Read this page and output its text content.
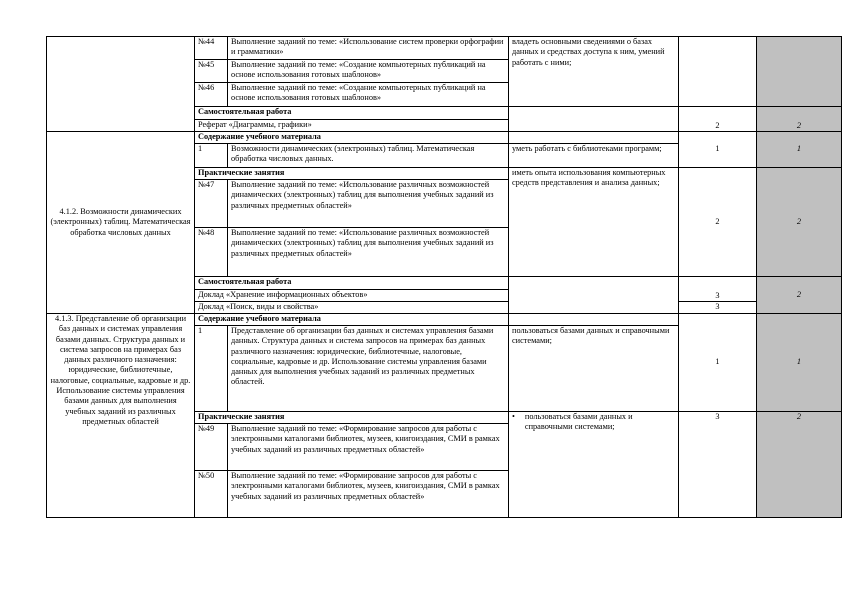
	№44	Выполнение заданий по теме: «Использование систем проверки орфографии и грамматики»	владеть основными сведениями о базах данных и средствах доступа к ним, умений работать с ними;		
	№45	Выполнение заданий по теме: «Создание компьютерных публикаций на основе использования готовых шаблонов»			
	№46	Выполнение заданий по теме: «Создание компьютерных публикаций на основе использования готовых шаблонов»			
	Самостоятельная работа			2	2
	Реферат «Диаграммы, графики»				
4.1.2. Возможности динамических (электронных) таблиц. Математическая обработка числовых данных	Содержание учебного материала			1	1
	1	Возможности динамических (электронных) таблиц. Математическая обработка числовых данных.	уметь работать с библиотеками программ;		
	Практические занятия		иметь опыта использования компьютерных средств представления и анализа данных;	2	2
	№47	Выполнение заданий по теме: «Использование различных возможностей динамических (электронных) таблиц для выполнения учебных заданий из различных предметных областей»			
	№48	Выполнение заданий по теме: «Использование различных возможностей динамических (электронных) таблиц для выполнения учебных заданий из различных предметных областей»			
	Самостоятельная работа			3	2
	Доклад «Хранение информационных объектов»				
	Доклад «Поиск, виды и свойства»			3	

4.1.3. Представление об организации баз данных и системах управления базами данных. Структура данных и система запросов на примерах баз данных различного назначения: юридические, библиотечные, налоговые, социальные, кадровые и др. Использование системы управления базами данных для выполнения учебных заданий из различных предметных областей	Содержание учебного материала			1	1
	1	Представление об организации баз данных и системах управления базами данных. Структура данных и система запросов на примерах баз данных различного назначения: юридические, библиотечные, налоговые, социальные, кадровые и др. Использование системы управления базами данных для выполнения учебных заданий из различных предметных областей.	пользоваться базами данных и справочными системами;		
	Практические занятия		• пользоваться базами данных и справочными системами;	3	2
	№49	Выполнение заданий по теме: «Формирование запросов для работы с электронными каталогами библиотек, музеев, книгоиздания, СМИ в рамках учебных заданий из различных предметных областей»			
	№50	Выполнение заданий по теме: «Формирование запросов для работы с электронными каталогами библиотек, музеев, книгоиздания, СМИ в рамках учебных заданий из различных предметных областей»			
